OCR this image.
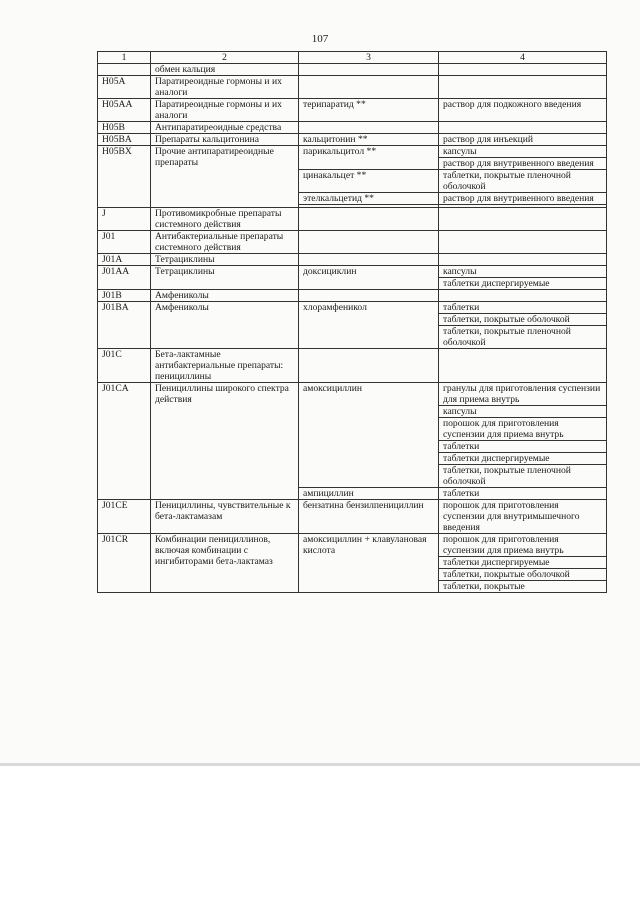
107
1	2	3	4
	обмен кальция		
H05A	Паратиреоидные гормоны и их аналоги		
H05AA	Паратиреоидные гормоны и их аналоги	терипаратид **	раствор для подкожного введения
H05B	Антипаратиреоидные средства		
H05BA	Препараты кальцитонина	кальцитонин **	раствор для инъекций
H05BX	Прочие антипаратиреоидные препараты	парикальцитол **	капсулы
			раствор для внутривенного введения
		цинакальцет **	таблетки, покрытые пленочной оболочкой
		этелкальцетид **	раствор для внутривенного введения

J	Противомикробные препараты системного действия		
J01	Антибактериальные препараты системного действия		
J01A	Тетрациклины		
J01AA	Тетрациклины	доксициклин	капсулы
			таблетки диспергируемые
J01B	Амфениколы		
J01BA	Амфениколы	хлорамфеникол	таблетки
			таблетки, покрытые оболочкой
			таблетки, покрытые пленочной оболочкой
J01C	Бета-лактамные антибактериальные препараты: пенициллины		
J01CA	Пенициллины широкого спектра действия	амоксициллин	гранулы для приготовления суспензии для приема внутрь
			капсулы
			порошок для приготовления суспензии для приема внутрь
			таблетки
			таблетки диспергируемые
			таблетки, покрытые пленочной оболочкой
		ампициллин	таблетки
J01CE	Пенициллины, чувствительные к бета-лактамазам	бензатина бензилпенициллин	порошок для приготовления суспензии для внутримышечного введения
J01CR	Комбинации пенициллинов, включая комбинации с ингибиторами бета-лактамаз	амоксициллин + клавулановая кислота	порошок для приготовления суспензии для приема внутрь
			таблетки диспергируемые
			таблетки, покрытые оболочкой
			таблетки, покрытые
